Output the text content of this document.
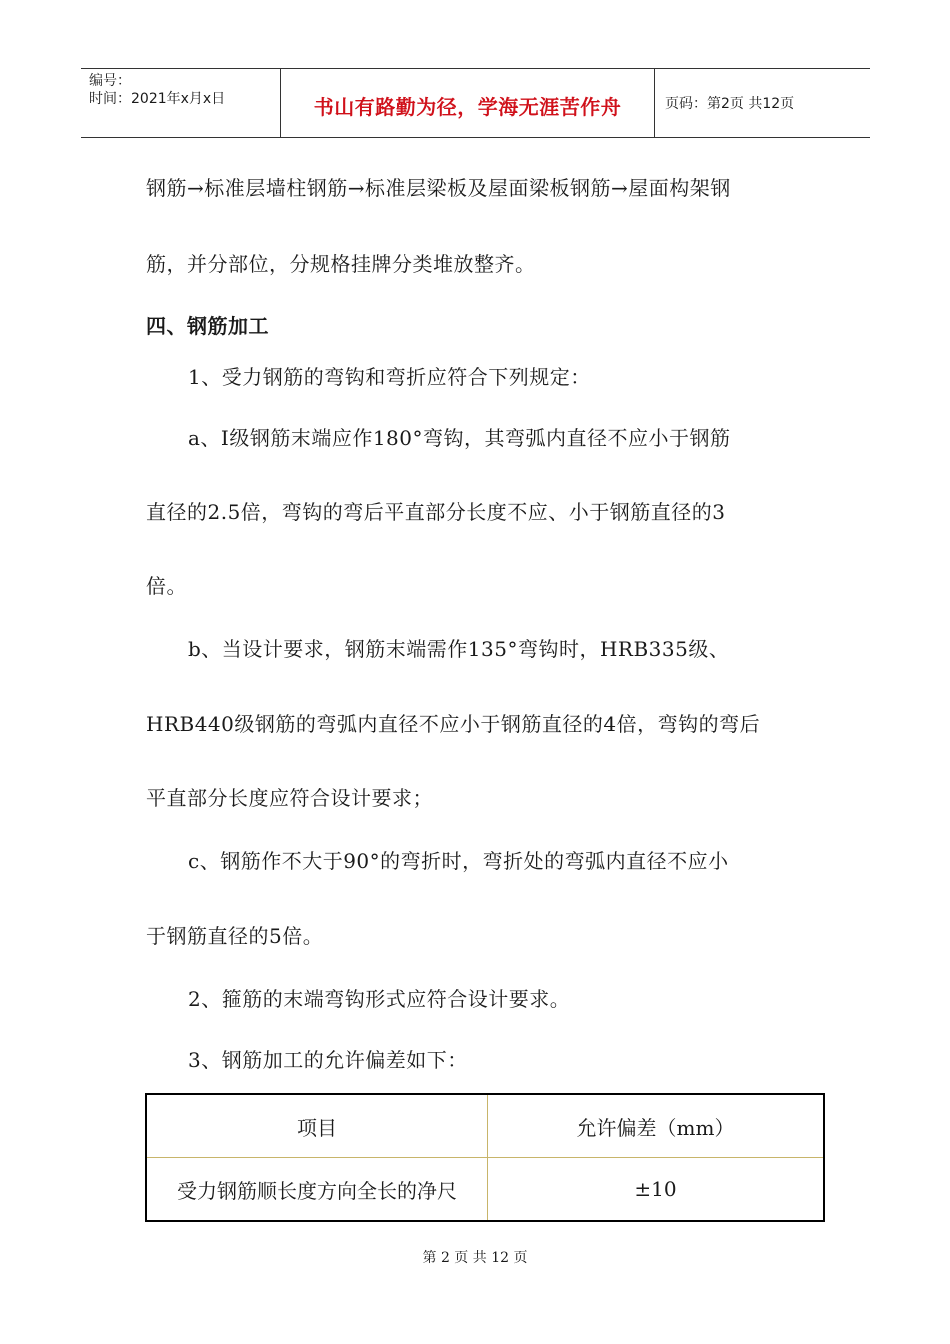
编号：
时间：2021年x月x日	书山有路勤为径，学海无涯苦作舟	页码：第2页 共12页
钢筋→标准层墙柱钢筋→标准层梁板及屋面梁板钢筋→屋面构架钢
筋，并分部位，分规格挂牌分类堆放整齐。
四、钢筋加工
1、受力钢筋的弯钩和弯折应符合下列规定：
a、Ⅰ级钢筋末端应作180°弯钩，其弯弧内直径不应小于钢筋
直径的2.5倍，弯钩的弯后平直部分长度不应、小于钢筋直径的3
倍。
b、当设计要求，钢筋末端需作135°弯钩时，HRB335级、
HRB440级钢筋的弯弧内直径不应小于钢筋直径的4倍，弯钩的弯后
平直部分长度应符合设计要求；
c、钢筋作不大于90°的弯折时，弯折处的弯弧内直径不应小
于钢筋直径的5倍。
2、箍筋的末端弯钩形式应符合设计要求。
3、钢筋加工的允许偏差如下：
项目	允许偏差（mm）
受力钢筋顺长度方向全长的净尺	±10
第 2 页 共 12 页
